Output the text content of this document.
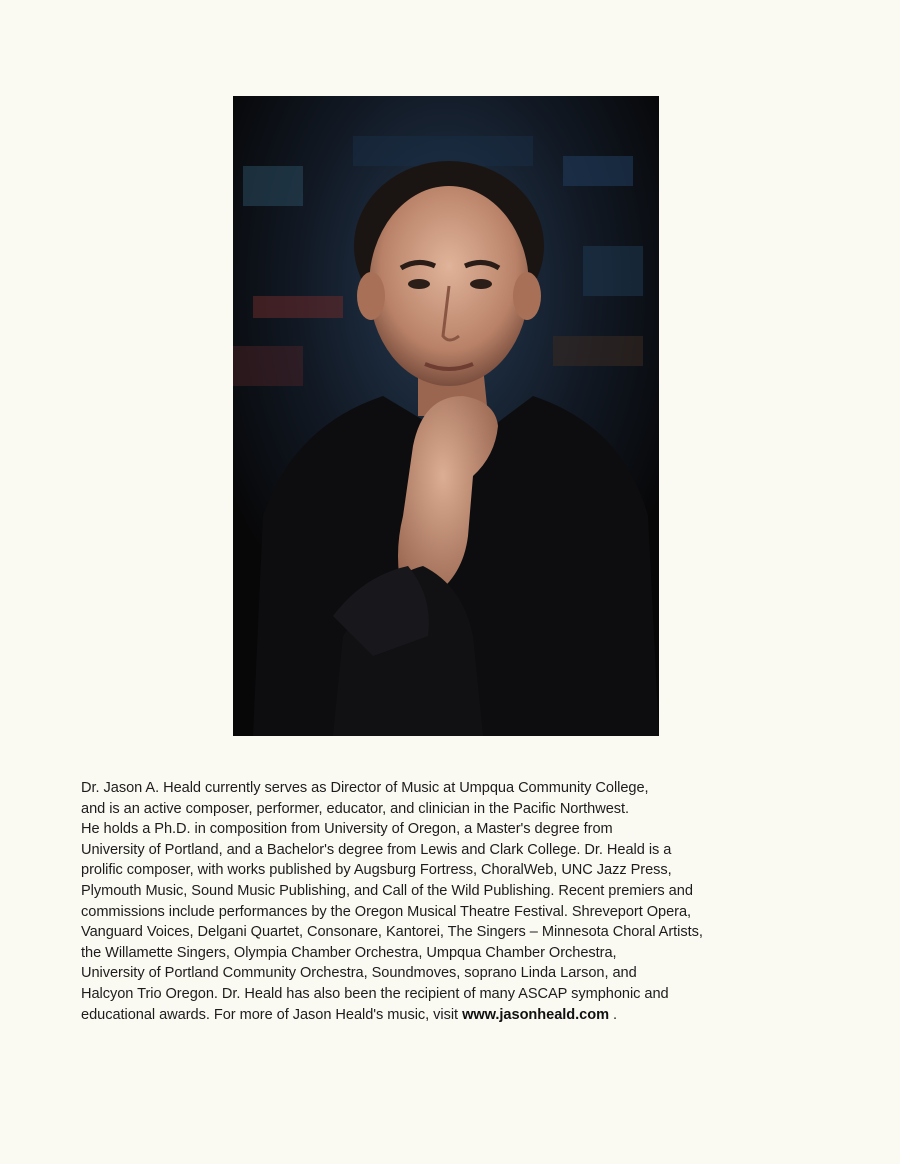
Dr. Jason A. Heald currently serves as Director of Music at Umpqua Community College,
and is an active composer, performer, educator, and clinician in the Pacific Northwest.
He holds a Ph.D. in composition from University of Oregon, a Master's degree from
University of Portland, and a Bachelor's degree from Lewis and Clark College. Dr. Heald is a
prolific composer, with works published by Augsburg Fortress, ChoralWeb, UNC Jazz Press,
Plymouth Music, Sound Music Publishing, and Call of the Wild Publishing. Recent premiers and
commissions include performances by the Oregon Musical Theatre Festival. Shreveport Opera,
Vanguard Voices, Delgani Quartet, Consonare, Kantorei, The Singers – Minnesota Choral Artists,
the Willamette Singers, Olympia Chamber Orchestra, Umpqua Chamber Orchestra,
University of Portland Community Orchestra, Soundmoves, soprano Linda Larson, and
Halcyon Trio Oregon. Dr. Heald has also been the recipient of many ASCAP symphonic and
educational awards. For more of Jason Heald's music, visit www.jasonheald.com .
